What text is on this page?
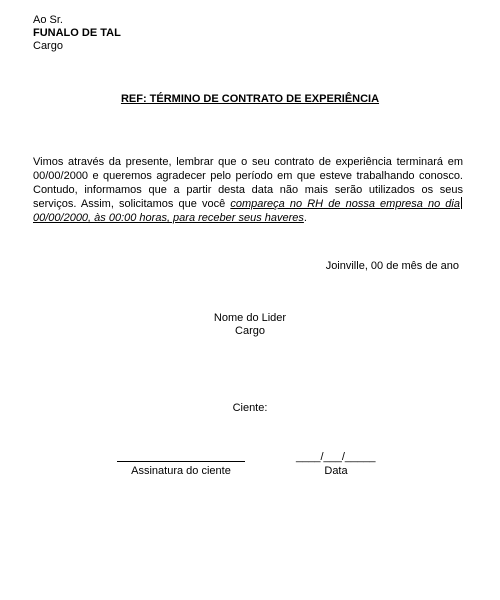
Ao Sr.
FUNALO DE TAL
Cargo
REF: TÉRMINO DE CONTRATO DE EXPERIÊNCIA
Vimos através da presente, lembrar que o seu contrato de experiência terminará em 00/00/2000 e queremos agradecer pelo período em que esteve trabalhando conosco. Contudo, informamos que a partir desta data não mais serão utilizados os seus serviços. Assim, solicitamos que você compareça no RH de nossa empresa no dia00/00/2000, às 00:00 horas, para receber seus haveres.
Joinville, 00 de mês de ano
Nome do Lider
Cargo
Ciente:
Assinatura do ciente
____/___/_____
Data
